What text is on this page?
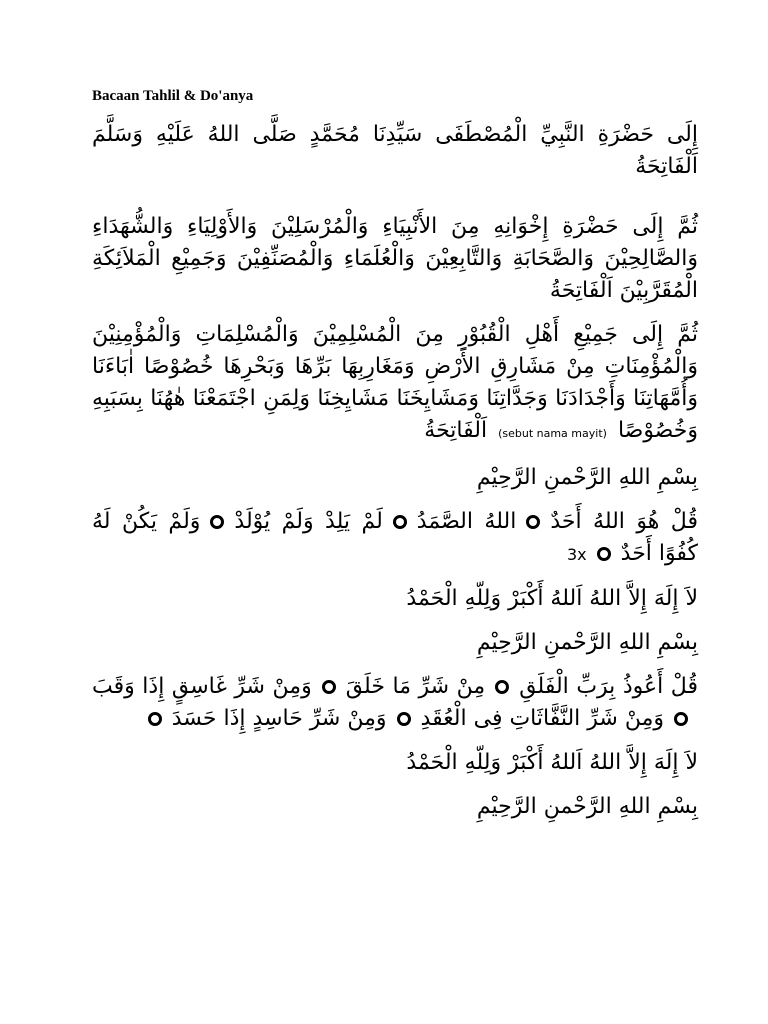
Bacaan Tahlil & Do'anya

إِلَى حَضْرَةِ النَّبِيِّ الْمُصْطَفَى سَيِّدِنَا مُحَمَّدٍ صَلَّى اللهُ عَلَيْهِ وَسَلَّمَ اَلْفَاتِحَةُ

ثُمَّ إِلَى حَضْرَةِ إِخْوَانِهِ مِنَ الأَنْبِيَاءِ وَالْمُرْسَلِيْنَ وَالأَوْلِيَاءِ وَالشُّهَدَاءِ وَالصَّالِحِيْنَ وَالصَّحَابَةِ وَالتَّابِعِيْنَ وَالْعُلَمَاءِ وَالْمُصَنِّفِيْنَ وَجَمِيْعِ الْمَلاَئِكَةِ الْمُقَرَّبِيْنَ اَلْفَاتِحَةُ

ثُمَّ إِلَى جَمِيْعِ أَهْلِ الْقُبُوْرِ مِنَ الْمُسْلِمِيْنَ وَالْمُسْلِمَاتِ وَالْمُؤْمِنِيْنَ وَالْمُؤْمِنَاتِ مِنْ مَشَارِقِ الأَرْضِ وَمَغَارِبِهَا بَرِّهَا وَبَحْرِهَا خُصُوْصًا اٰبَاءَنَا وَأُمَّهَاتِنَا وَأَجْدَادَنَا وَجَدَّاتِنَا وَمَشَايِخَنَا مَشَايِخِنَا وَلِمَنِ اجْتَمَعْنَا هٰهُنَا بِسَبَبِهِ وَخُصُوْصًا (sebut nama mayit) اَلْفَاتِحَةُ

بِسْمِ اللهِ الرَّحْمنِ الرَّحِيْمِ

قُلْ هُوَ اللهُ أَحَدٌاللهُ الصَّمَدُلَمْ يَلِدْ وَلَمْ يُوْلَدْوَلَمْ يَكُنْ لَهُ كُفُوًا أَحَدٌ3x

لاَ إِلَهَ إِلاَّ اللهُ اَللهُ أَكْبَرْ وَلِلّهِ الْحَمْدُ

بِسْمِ اللهِ الرَّحْمنِ الرَّحِيْمِ

قُلْ أَعُوذُ بِرَبِّ الْفَلَقِمِنْ شَرِّ مَا خَلَقَوَمِنْ شَرِّ غَاسِقٍ إِذَا وَقَبَوَمِنْ شَرِّ النَّفَّاثَاتِ فِى الْعُقَدِوَمِنْ شَرِّ حَاسِدٍ إِذَا حَسَدَ

لاَ إِلَهَ إِلاَّ اللهُ اَللهُ أَكْبَرْ وَلِلّهِ الْحَمْدُ

بِسْمِ اللهِ الرَّحْمنِ الرَّحِيْمِ
